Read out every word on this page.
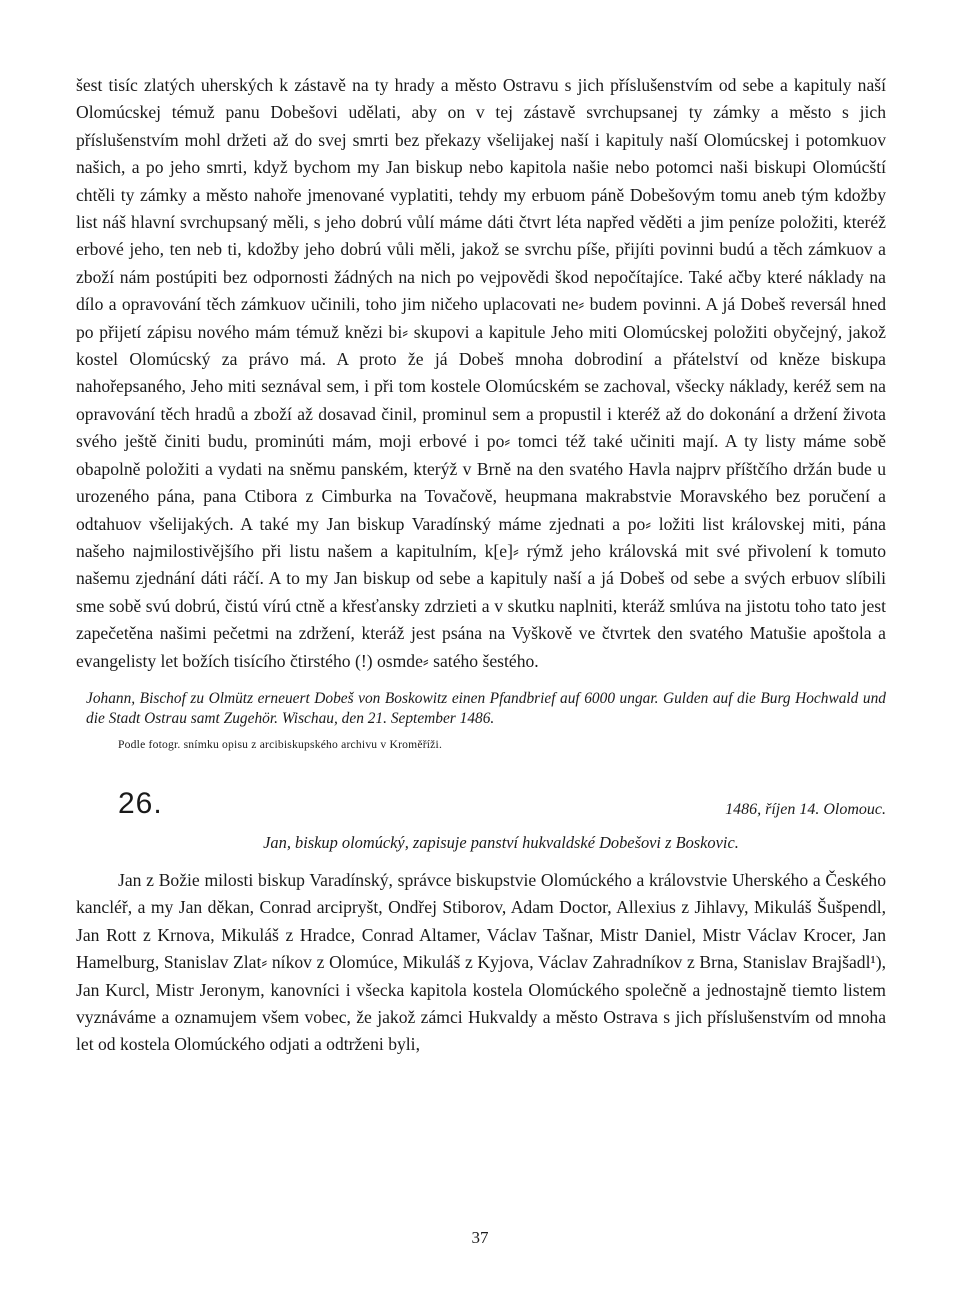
šest tisíc zlatých uherských k zástavě na ty hrady a město Ostravu s jich příslušenstvím od sebe a kapituly naší Olomúcskej témuž panu Dobešovi udělati, aby on v tej zástavě svrchupsanej ty zámky a město s jich příslušenstvím mohl držeti až do svej smrti bez překazy všelijakej naší i kapituly naší Olomúcskej i potomkuov našich, a po jeho smrti, když bychom my Jan biskup nebo kapitola našie nebo potomci naši biskupi Olomúcští chtěli ty zámky a město nahoře jmenované vyplatiti, tehdy my erbuom páně Dobešovým tomu aneb tým kdožby list náš hlavní svrchupsaný měli, s jeho dobrú vůlí máme dáti čtvrt léta napřed věděti a jim peníze položiti, kteréž erbové jeho, ten neb ti, kdožby jeho dobrú vůli měli, jakož se svrchu píše, přijíti povinni budú a těch zámkuov a zboží nám postúpiti bez odpornosti žádných na nich po vejpovědi škod nepočítajíce. Také ačby které náklady na dílo a opravování těch zámkuov učinili, toho jim ničeho uplacovati ne⸗ budem povinni. A já Dobeš reversál hned po přijetí zápisu nového mám témuž knězi bi⸗ skupovi a kapitule Jeho miti Olomúcskej položiti obyčejný, jakož kostel Olomúcský za právo má. A proto že já Dobeš mnoha dobrodiní a přátelství od kněze biskupa nahořepsaného, Jeho miti seznával sem, i při tom kostele Olomúcském se zachoval, všecky náklady, keréž sem na opravování těch hradů a zboží až dosavad činil, prominul sem a propustil i kteréž až do dokonání a držení života svého ještě činiti budu, prominúti mám, moji erbové i po⸗ tomci též také učiniti mají. A ty listy máme sobě obapolně položiti a vydati na sněmu panském, kterýž v Brně na den svatého Havla najprv příštčího držán bude u urozeného pána, pana Ctibora z Cimburka na Tovačově, heupmana makrabstvie Moravského bez poručení a odtahuov všelijakých. A také my Jan biskup Varadínský máme zjednati a po⸗ ložiti list královskej miti, pána našeho najmilostivějšího při listu našem a kapitulním, k[e]⸗ rýmž jeho královská mit své přivolení k tomuto našemu zjednání dáti ráčí. A to my Jan biskup od sebe a kapituly naší a já Dobeš od sebe a svých erbuov slíbili sme sobě svú dobrú, čistú vírú ctně a křesťansky zdrzieti a v skutku naplniti, kteráž smlúva na jistotu toho tato jest zapečetěna našimi pečetmi na zdržení, kteráž jest psána na Vyškově ve čtvrtek den svatého Matušie apoštola a evangelisty let božích tisícího čtirstého (!) osmde⸗ satého šestého.

Johann, Bischof zu Olmütz erneuert Dobeš von Boskowitz einen Pfandbrief auf 6000 ungar. Gulden auf die Burg Hochwald und die Stadt Ostrau samt Zugehör. Wischau, den 21. September 1486.

Podle fotogr. snímku opisu z arcibiskupského archivu v Kroměříži.

26.	1486, říjen 14. Olomouc.

Jan, biskup olomúcký, zapisuje panství hukvaldské Dobešovi z Boskovic.

Jan z Božie milosti biskup Varadínský, správce biskupstvie Olomúckého a královstvie Uherského a Českého kancléř, a my Jan děkan, Conrad arcipryšt, Ondřej Stiborov, Adam Doctor, Allexius z Jihlavy, Mikuláš Šušpendl, Jan Rott z Krnova, Mikuláš z Hradce, Conrad Altamer, Václav Tašnar, Mistr Daniel, Mistr Václav Krocer, Jan Hamelburg, Stanislav Zlat⸗ níkov z Olomúce, Mikuláš z Kyjova, Václav Zahradníkov z Brna, Stanislav Brajšadl¹), Jan Kurcl, Mistr Jeronym, kanovníci i všecka kapitola kostela Olomúckého společně a jednostajně tiemto listem vyznáváme a oznamujem všem vobec, že jakož zámci Hukvaldy a město Ostrava s jich příslušenstvím od mnoha let od kostela Olomúckého odjati a odtrženi byli,

37
